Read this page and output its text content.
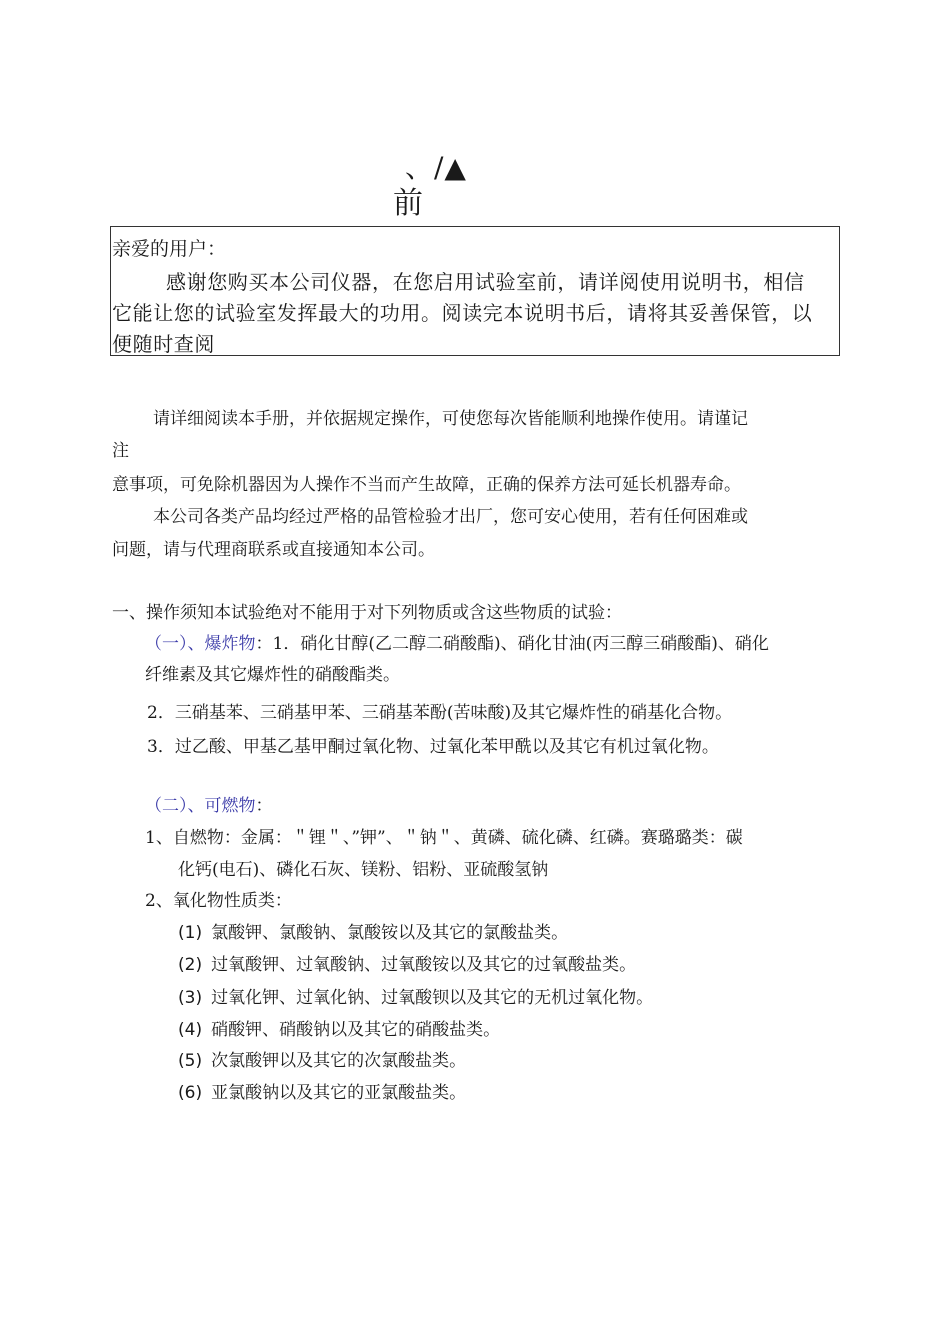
、/▲
前
亲爱的用户：
感谢您购买本公司仪器，在您启用试验室前，请详阅使用说明书，相信
它能让您的试验室发挥最大的功用。阅读完本说明书后，请将其妥善保管，以
便随时查阅
请详细阅读本手册，并依据规定操作，可使您每次皆能顺利地操作使用。请谨记
注
意事项，可免除机器因为人操作不当而产生故障，正确的保养方法可延长机器寿命。
本公司各类产品均经过严格的品管检验才出厂，您可安心使用，若有任何困难或
问题，请与代理商联系或直接通知本公司。
一、操作须知本试验绝对不能用于对下列物质或含这些物质的试验：
（一）、爆炸物：1．硝化甘醇(乙二醇二硝酸酯)、硝化甘油(丙三醇三硝酸酯)、硝化
纤维素及其它爆炸性的硝酸酯类。
2．三硝基苯、三硝基甲苯、三硝基苯酚(苦味酸)及其它爆炸性的硝基化合物。
3．过乙酸、甲基乙基甲酮过氧化物、过氧化苯甲酰以及其它有机过氧化物。
（二）、可燃物：
1、自燃物：金属：＂锂＂、”钾”、＂钠＂、黄磷、硫化磷、红磷。赛璐璐类：碳
化钙(电石)、磷化石灰、镁粉、铝粉、亚硫酸氢钠
2、氧化物性质类：
(1) 氯酸钾、氯酸钠、氯酸铵以及其它的氯酸盐类。
(2) 过氧酸钾、过氧酸钠、过氧酸铵以及其它的过氧酸盐类。
(3) 过氧化钾、过氧化钠、过氧酸钡以及其它的无机过氧化物。
(4) 硝酸钾、硝酸钠以及其它的硝酸盐类。
(5) 次氯酸钾以及其它的次氯酸盐类。
(6) 亚氯酸钠以及其它的亚氯酸盐类。
